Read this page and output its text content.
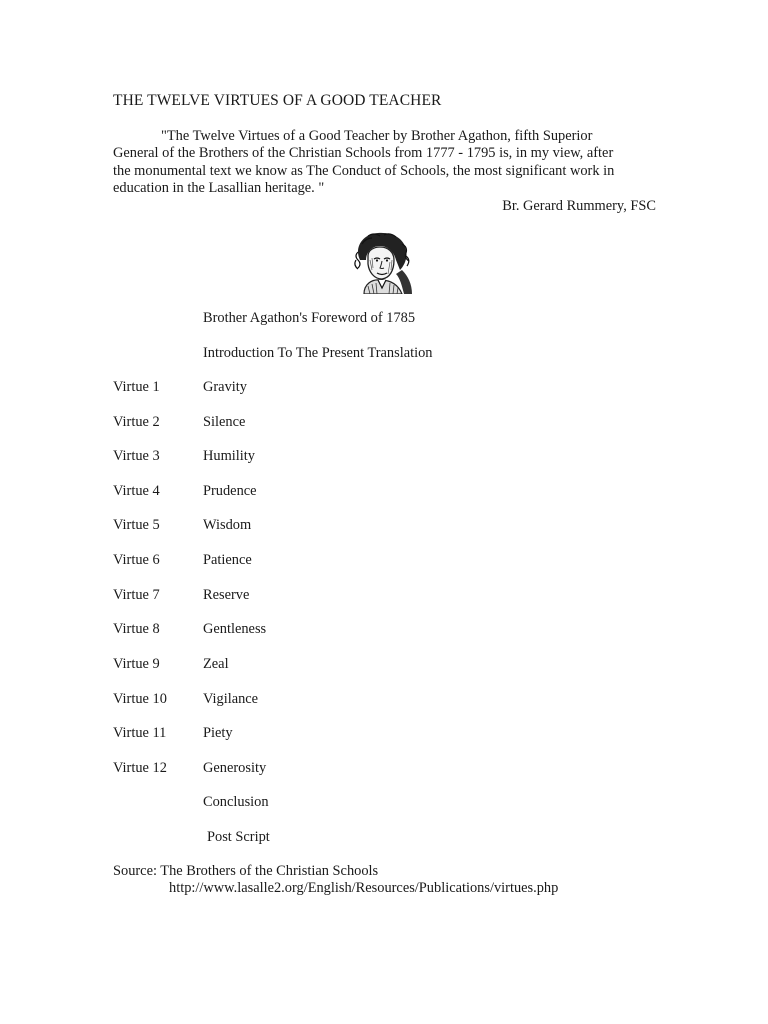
THE TWELVE VIRTUES OF A GOOD TEACHER
"The Twelve Virtues of a Good Teacher by Brother Agathon, fifth Superior
General of the Brothers of the Christian Schools from 1777 - 1795 is, in my view, after
the monumental text we know as The Conduct of Schools, the most significant work in
education in the Lasallian heritage. "
Br. Gerard Rummery, FSC
Brother Agathon's Foreword of 1785
Introduction To The Present Translation
Virtue 1	Gravity
Virtue 2	Silence
Virtue 3	Humility
Virtue 4	Prudence
Virtue 5	Wisdom
Virtue 6	Patience
Virtue 7	Reserve
Virtue 8	Gentleness
Virtue 9	Zeal
Virtue 10	Vigilance
Virtue 11	Piety
Virtue 12	Generosity
Conclusion
Post Script
Source: The Brothers of the Christian Schools
http://www.lasalle2.org/English/Resources/Publications/virtues.php
